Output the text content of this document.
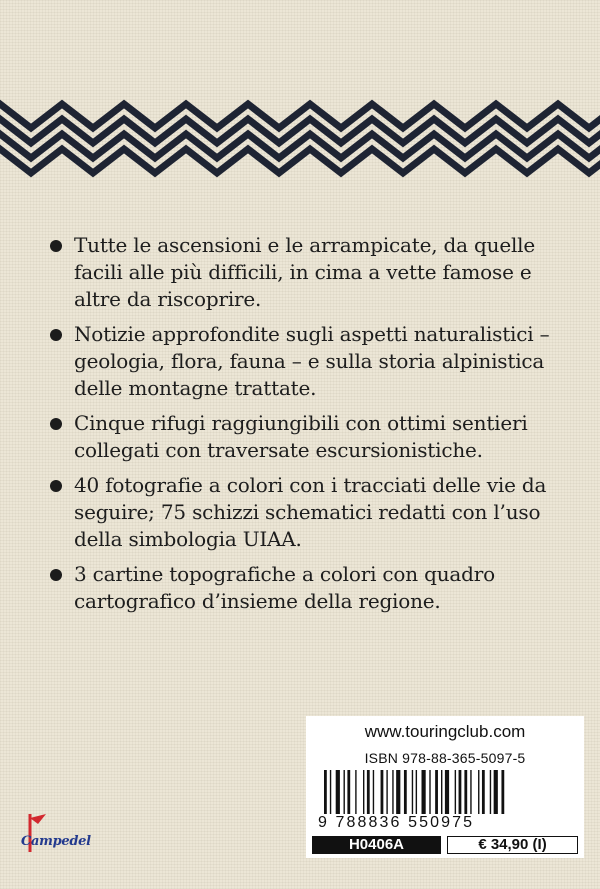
Tutte le ascensioni e le arrampicate, da quelle facili alle più difficili, in cima a vette famose e altre da riscoprire.
Notizie approfondite sugli aspetti naturalistici – geologia, flora, fauna – e sulla storia alpinistica delle montagne trattate.
Cinque rifugi raggiungibili con ottimi sentieri collegati con traversate escursionistiche.
40 fotografie a colori con i tracciati delle vie da seguire; 75 schizzi schematici redatti con l’uso della simbologia UIAA.
3 cartine topografiche a colori con quadro cartografico d’insieme della regione.
www.touringclub.com
ISBN 978-88-365-5097-5
9 788836 550975
H0406A	€ 34,90 (I)
Campedel
